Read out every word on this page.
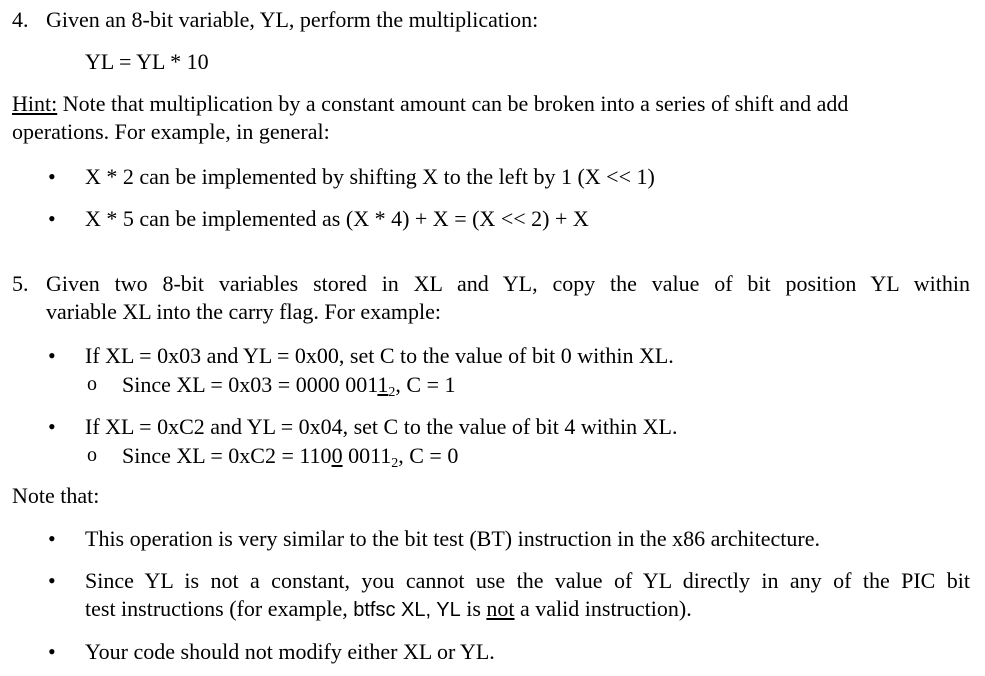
4. Given an 8-bit variable, YL, perform the multiplication:
YL = YL * 10
Hint: Note that multiplication by a constant amount can be broken into a series of shift and add
operations. For example, in general:
• X * 2 can be implemented by shifting X to the left by 1 (X << 1)
• X * 5 can be implemented as (X * 4) + X = (X << 2) + X
5. Given two 8-bit variables stored in XL and YL, copy the value of bit position YL within
variable XL into the carry flag. For example:
• If XL = 0x03 and YL = 0x00, set C to the value of bit 0 within XL.
o Since XL = 0x03 = 0000 $0011_2$, C = 1
• If XL = 0xC2 and YL = 0x04, set C to the value of bit 4 within XL.
o Since XL = 0xC2 = 1100 $0011_2$, C = 0
Note that:
• This operation is very similar to the bit test (BT) instruction in the x86 architecture.
• Since YL is not a constant, you cannot use the value of YL directly in any of the PIC bit
test instructions (for example, btfsc XL, YL is not a valid instruction).
• Your code should not modify either XL or YL.
